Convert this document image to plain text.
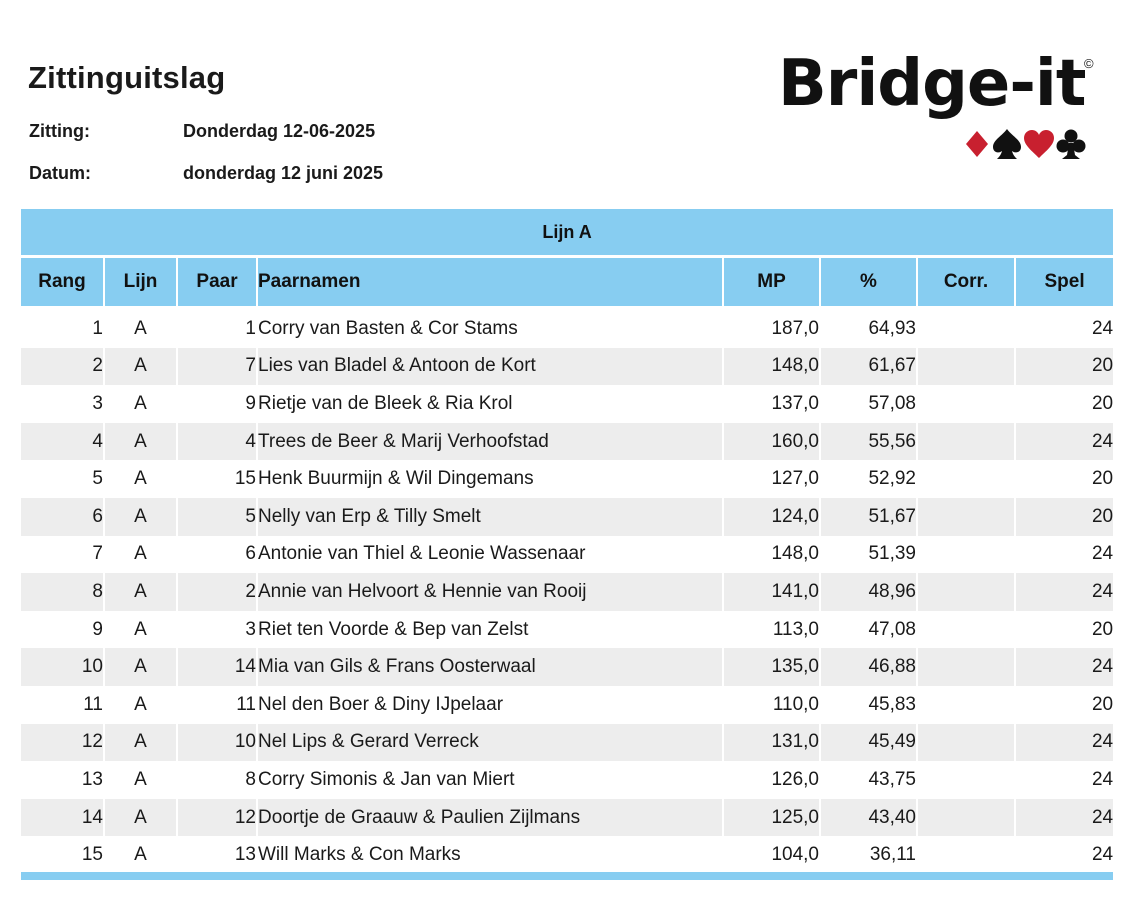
Zittinguitslag
Zitting:	Donderdag 12-06-2025
Datum:	donderdag 12 juni 2025
Bridge-it
©
Lijn A							
Rang	Lijn	Paar	Paarnamen	MP	%	Corr.	Spel

1	A	1	Corry van Basten & Cor Stams	187,0	64,93		24
2	A	7	Lies van Bladel & Antoon de Kort	148,0	61,67		20
3	A	9	Rietje van de Bleek & Ria Krol	137,0	57,08		20
4	A	4	Trees de Beer & Marij Verhoofstad	160,0	55,56		24
5	A	15	Henk Buurmijn & Wil Dingemans	127,0	52,92		20
6	A	5	Nelly van Erp & Tilly Smelt	124,0	51,67		20
7	A	6	Antonie van Thiel & Leonie Wassenaar	148,0	51,39		24
8	A	2	Annie van Helvoort & Hennie van Rooij	141,0	48,96		24
9	A	3	Riet ten Voorde & Bep van Zelst	113,0	47,08		20
10	A	14	Mia van Gils & Frans Oosterwaal	135,0	46,88		24
11	A	11	Nel den Boer & Diny IJpelaar	110,0	45,83		20
12	A	10	Nel Lips & Gerard Verreck	131,0	45,49		24
13	A	8	Corry Simonis & Jan van Miert	126,0	43,75		24
14	A	12	Doortje de Graauw & Paulien Zijlmans	125,0	43,40		24
15	A	13	Will Marks & Con Marks	104,0	36,11		24
